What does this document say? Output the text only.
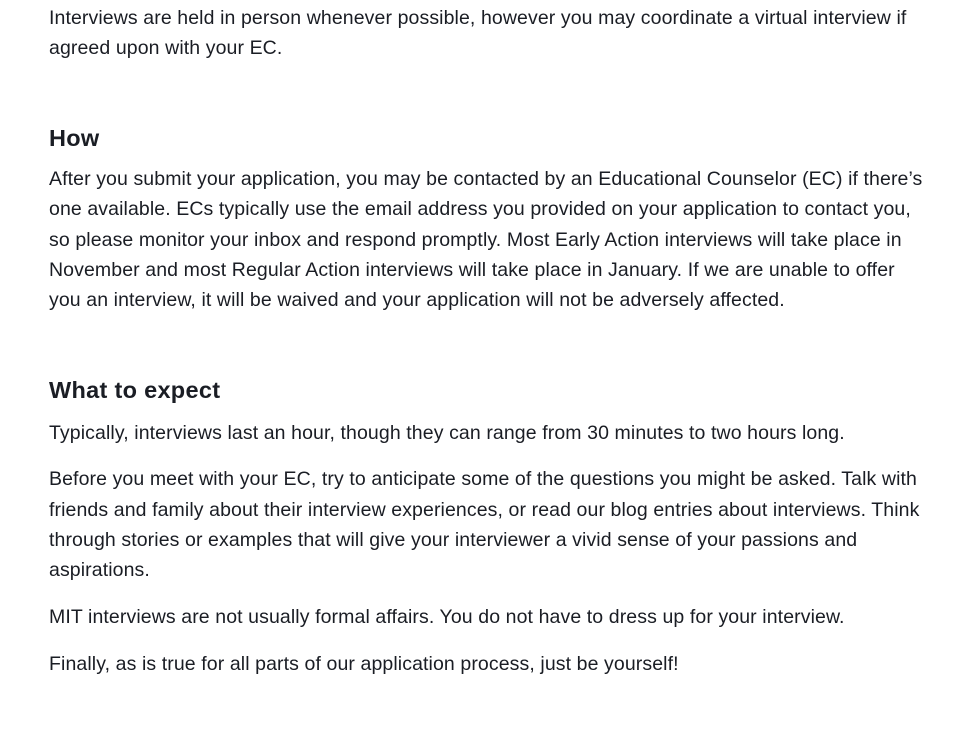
Interviews are held in person whenever possible, however you may coordinate a virtual interview if agreed upon with your EC.

How

After you submit your application, you may be contacted by an Educational Counselor (EC) if there’s one available. ECs typically use the email address you provided on your application to contact you, so please monitor your inbox and respond promptly. Most Early Action interviews will take place in November and most Regular Action interviews will take place in January. If we are unable to offer you an interview, it will be waived and your application will not be adversely affected.

What to expect

Typically, interviews last an hour, though they can range from 30 minutes to two hours long.

Before you meet with your EC, try to anticipate some of the questions you might be asked. Talk with friends and family about their interview experiences, or read our blog entries about interviews. Think through stories or examples that will give your interviewer a vivid sense of your passions and aspirations.

MIT interviews are not usually formal affairs. You do not have to dress up for your interview.

Finally, as is true for all parts of our application process, just be yourself!
